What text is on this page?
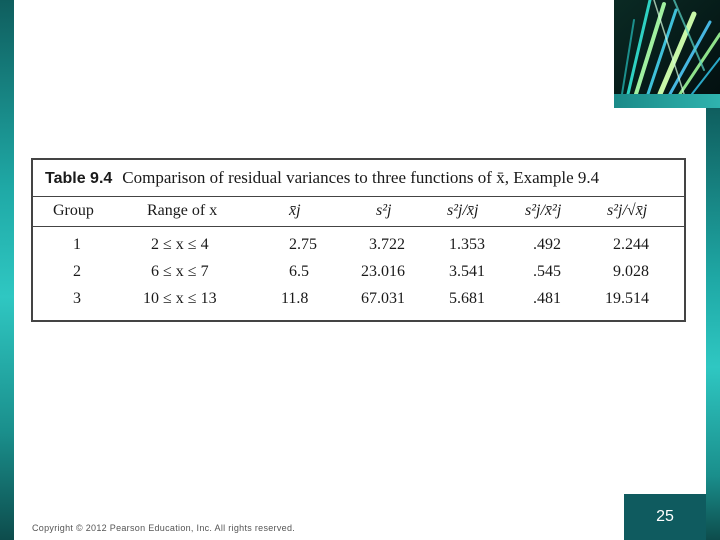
Table 9.4 Comparison of residual variances to three functions of x̄, Example 9.4
Group	Range of x	x̄j	s²j	s²j/x̄j	s²j/x̄²j	s²j/√x̄j
1	2 ≤ x ≤ 4	2.75	3.722	1.353	.492	2.244
2	6 ≤ x ≤ 7	6.5	23.016	3.541	.545	9.028
3	10 ≤ x ≤ 13	11.8	67.031	5.681	.481	19.514
Copyright © 2012 Pearson Education, Inc. All rights reserved.
25
